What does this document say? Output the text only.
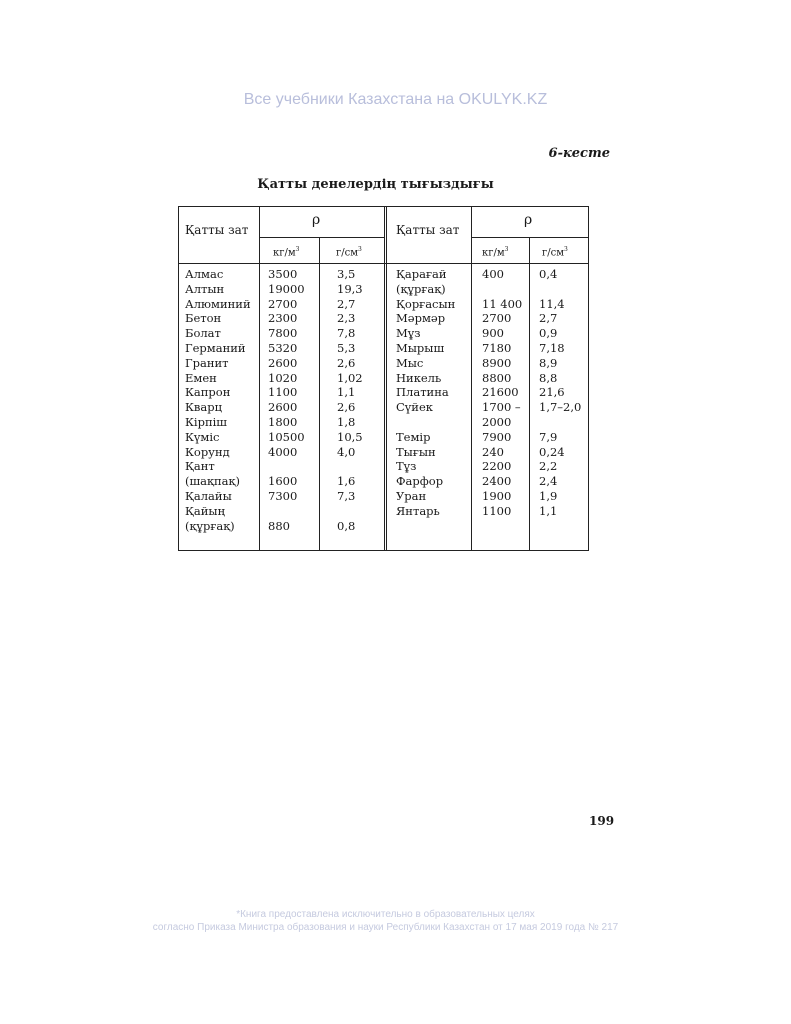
Все учебники Казахстана на OKULYK.KZ
6-кесте
Қатты денелердің тығыздығы
Қатты зат
ρ
$кг/м^3$	$г/см^3$
Қатты зат
ρ
$кг/м^3$	$г/см^3$
Алмас
Алтын
Алюминий
Бетон
Болат
Германий
Гранит
Емен
Капрон
Кварц
Кірпіш
Күміс
Корунд
Қант
(шақпақ)
Қалайы
Қайың
(құрғақ)
3500
19000
2700
2300
7800
5320
2600
1020
1100
2600
1800
10500
4000
1600
7300
880
3,5
19,3
2,7
2,3
7,8
5,3
2,6
1,02
1,1
2,6
1,8
10,5
4,0
1,6
7,3
0,8
Қарағай
(құрғақ)
Қорғасын
Мәрмәр
Мұз
Мырыш
Мыс
Никель
Платина
Сүйек
Темір
Тығын
Тұз
Фарфор
Уран
Янтарь
400
11 400
2700
900
7180
8900
8800
21600
1700 –
2000
7900
240
2200
2400
1900
1100
0,4
11,4
2,7
0,9
7,18
8,9
8,8
21,6
1,7–2,0
7,9
0,24
2,2
2,4
1,9
1,1
199
*Книга предоставлена исключительно в образовательных целях
согласно Приказа Министра образования и науки Республики Казахстан от 17 мая 2019 года № 217
